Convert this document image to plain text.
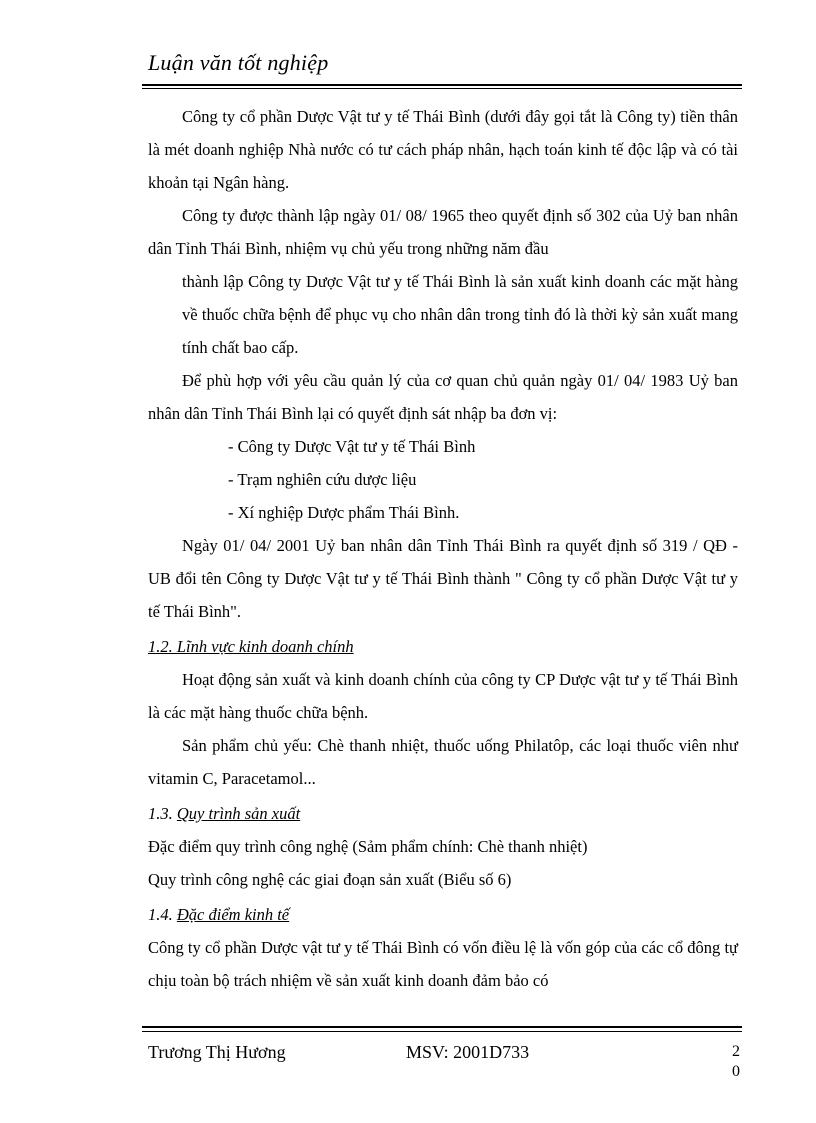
Luận văn tốt nghiệp

Công ty cổ phần Dược Vật tư y tế Thái Bình (dưới đây gọi tắt là Công ty) tiền thân là mét doanh nghiệp Nhà nước có tư cách pháp nhân, hạch toán kinh tế độc lập và có tài khoản tại Ngân hàng.

Công ty được thành lập ngày 01/ 08/ 1965 theo quyết định số 302 của Uỷ ban nhân dân Tỉnh Thái Bình, nhiệm vụ chủ yếu trong những năm đầu

thành lập Công ty Dược Vật tư y tế Thái Bình là sản xuất kinh doanh các mặt hàng về thuốc chữa bệnh để phục vụ cho nhân dân trong tỉnh đó là thời kỳ sản xuất mang tính chất bao cấp.

Để phù hợp với yêu cầu quản lý của cơ quan chủ quản ngày 01/ 04/ 1983 Uỷ ban nhân dân Tỉnh Thái Bình lại có quyết định sát nhập ba đơn vị:

- Công ty Dược Vật tư y tế Thái Bình
- Trạm nghiên cứu dược liệu
- Xí nghiệp Dược phẩm Thái Bình.

Ngày 01/ 04/ 2001 Uỷ ban nhân dân Tỉnh Thái Bình ra quyết định số 319 / QĐ - UB đổi tên Công ty Dược Vật tư y tế Thái Bình thành " Công ty cổ phần Dược Vật tư y tế Thái Bình".

1.2. Lĩnh vực kinh doanh chính

Hoạt động sản xuất và kinh doanh chính của công ty CP Dược vật tư y tế Thái Bình là các mặt hàng thuốc chữa bệnh.

Sản phẩm chủ yếu: Chè thanh nhiệt, thuốc uống Philatôp, các loại thuốc viên như vitamin C, Paracetamol...

1.3. Quy trình sản xuất

Đặc điểm quy trình công nghệ (Sảm phẩm chính: Chè thanh nhiệt)

Quy trình công nghệ các giai đoạn sản xuất (Biểu số 6)

1.4. Đặc điểm kinh tế

Công ty cổ phần Dược vật tư y tế Thái Bình có vốn điều lệ là vốn góp của các cổ đông tự chịu toàn bộ trách nhiệm về sản xuất kinh doanh đảm bảo có

Trương Thị Hương	MSV: 2001D733	20
